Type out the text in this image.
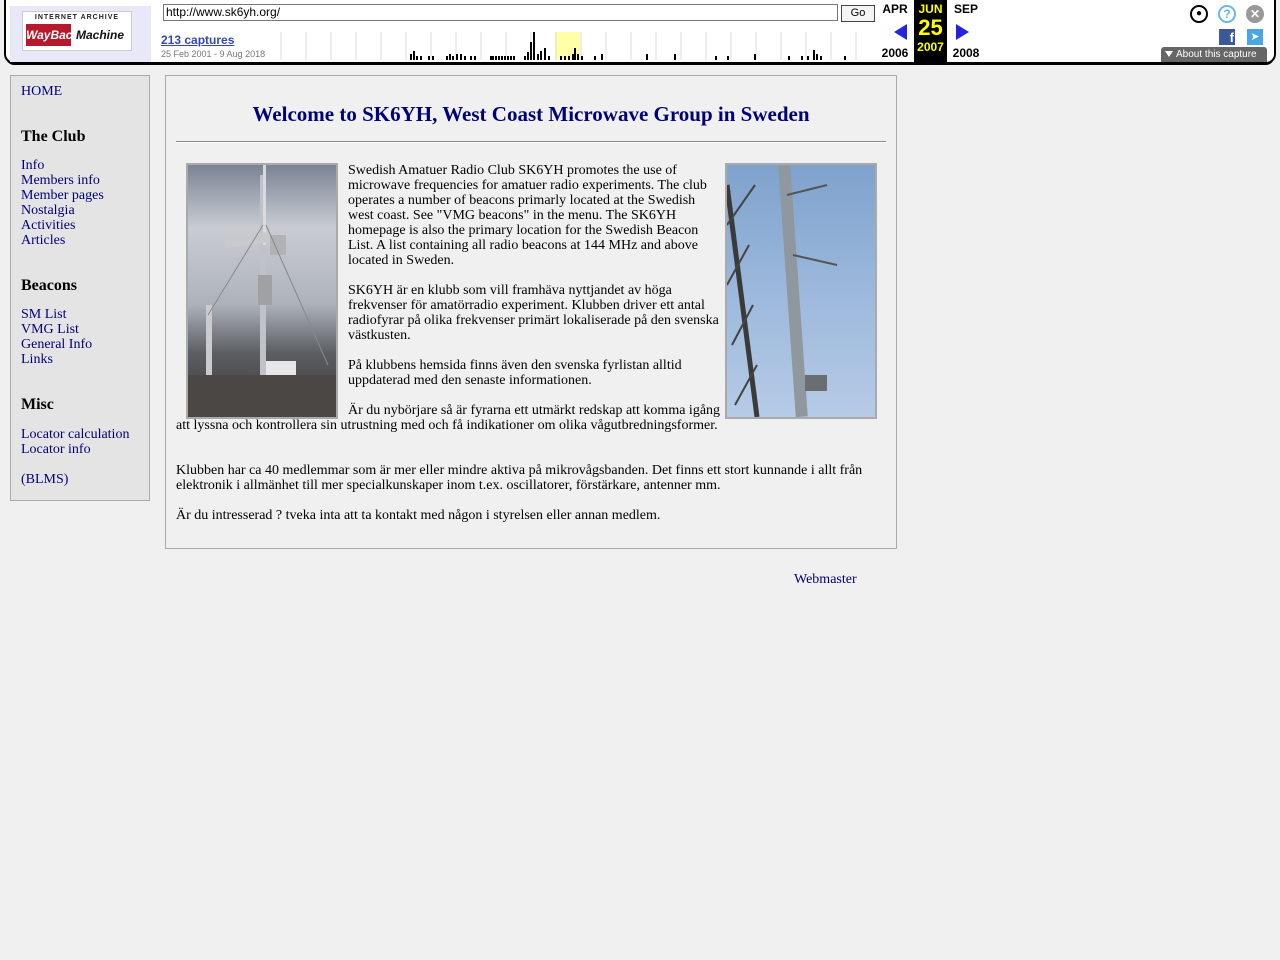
INTERNET ARCHIVE
WayBack
Machine
http://www.sk6yh.org/	Go
213 captures
25 Feb 2001 - 9 Aug 2018
APR
2006
JUN
25
2007
SEP
2008
●	?	✕
f	➤
About this capture
HOME
The Club
Info
Members info
Member pages
Nostalgia
Activities
Articles
Beacons
SM List
VMG List
General Info
Links
Misc
Locator calculation
Locator info
(BLMS)
Welcome to SK6YH, West Coast Microwave Group in Sweden

Swedish Amatuer Radio Club SK6YH promotes the use of microwave frequencies for amatuer radio experiments. The club operates a number of beacons primarly located at the Swedish west coast. See "VMG beacons" in the menu. The SK6YH homepage is also the primary location for the Swedish Beacon List. A list containing all radio beacons at 144 MHz and above located in Sweden.

SK6YH är en klubb som vill framhäva nyttjandet av höga frekvenser för amatörradio experiment. Klubben driver ett antal radiofyrar på olika frekvenser primärt lokaliserade på den svenska västkusten.

På klubbens hemsida finns även den svenska fyrlistan alltid uppdaterad med den senaste informationen.

Är du nybörjare så är fyrarna ett utmärkt redskap att komma igång att lyssna och kontrollera sin utrustning med och få indikationer om olika vågutbredningsformer.

Klubben har ca 40 medlemmar som är mer eller mindre aktiva på mikrovågsbanden. Det finns ett stort kunnande i allt från elektronik i allmänhet till mer specialkunskaper inom t.ex. oscillatorer, förstärkare, antenner mm.

Är du intresserad ? tveka inta att ta kontakt med någon i styrelsen eller annan medlem.

Webmaster
